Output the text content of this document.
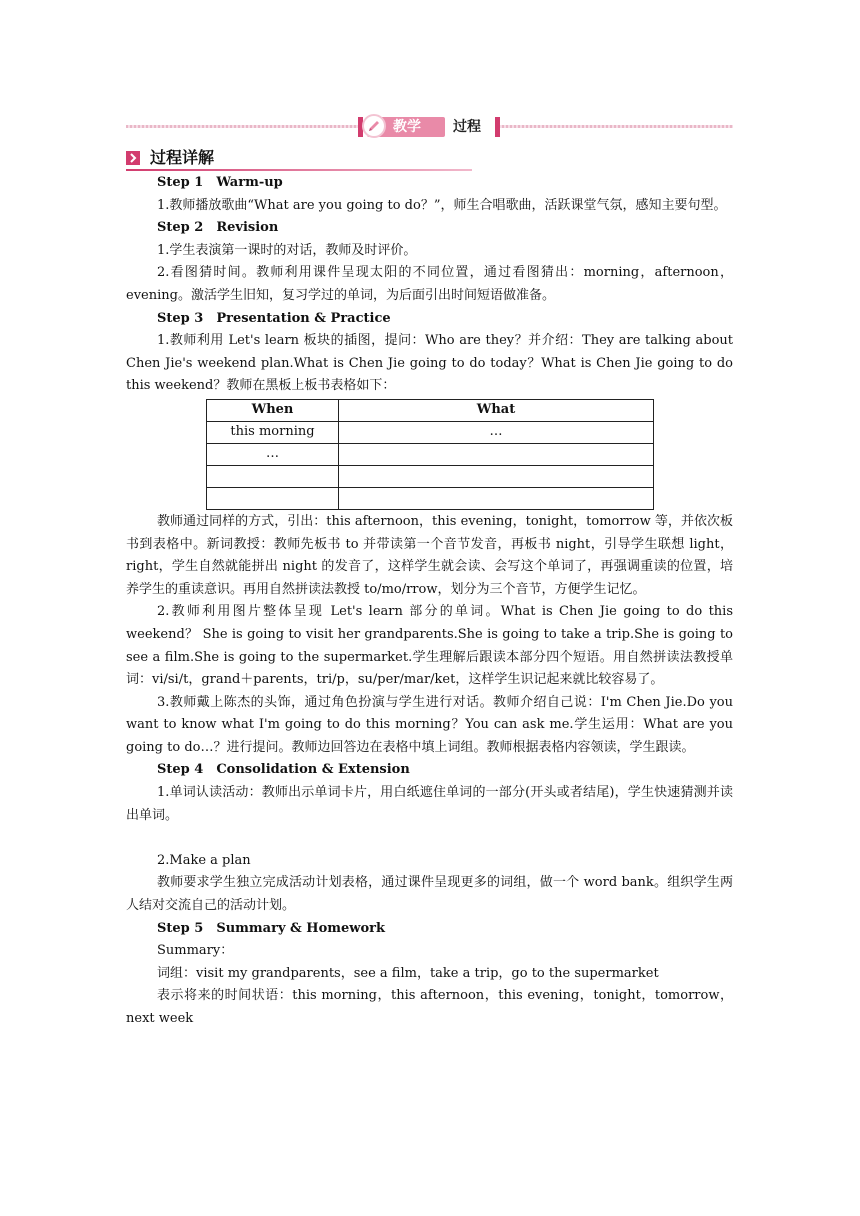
教学 过程
过程详解

Step 1　Warm-up

1.教师播放歌曲“What are you going to do？”，师生合唱歌曲，活跃课堂气氛，感知主要句型。

Step 2　Revision

1.学生表演第一课时的对话，教师及时评价。

2.看图猜时间。教师利用课件呈现太阳的不同位置，通过看图猜出：morning，afternoon，evening。激活学生旧知，复习学过的单词，为后面引出时间短语做准备。

Step 3　Presentation & Practice

1.教师利用 Let's learn 板块的插图，提问：Who are they？并介绍：They are talking about Chen Jie's weekend plan.What is Chen Jie going to do today？What is Chen Jie going to do this weekend？教师在黑板上板书表格如下：

When	What
this morning	…
…	

教师通过同样的方式，引出：this afternoon，this evening，tonight，tomorrow 等，并依次板书到表格中。新词教授：教师先板书 to 并带读第一个音节发音，再板书 night，引导学生联想 light，right，学生自然就能拼出 night 的发音了，这样学生就会读、会写这个单词了，再强调重读的位置，培养学生的重读意识。再用自然拼读法教授 to/mo/rrow，划分为三个音节，方便学生记忆。

2.教师利用图片整体呈现 Let's learn 部分的单词。What is Chen Jie going to do this weekend？ She is going to visit her grandparents.She is going to take a trip.She is going to see a film.She is going to the supermarket.学生理解后跟读本部分四个短语。用自然拼读法教授单词：vi/si/t，grand＋parents，tri/p，su/per/mar/ket，这样学生识记起来就比较容易了。

3.教师戴上陈杰的头饰，通过角色扮演与学生进行对话。教师介绍自己说：I'm Chen Jie.Do you want to know what I'm going to do this morning？You can ask me.学生运用：What are you going to do…？进行提问。教师边回答边在表格中填上词组。教师根据表格内容领读，学生跟读。

Step 4　Consolidation & Extension

1.单词认读活动：教师出示单词卡片，用白纸遮住单词的一部分(开头或者结尾)，学生快速猜测并读出单词。

2.Make a plan

教师要求学生独立完成活动计划表格，通过课件呈现更多的词组，做一个 word bank。组织学生两人结对交流自己的活动计划。

Step 5　Summary & Homework

Summary：

词组：visit my grandparents，see a film，take a trip，go to the supermarket

表示将来的时间状语：this morning，this afternoon，this evening，tonight，tomorrow，next week
